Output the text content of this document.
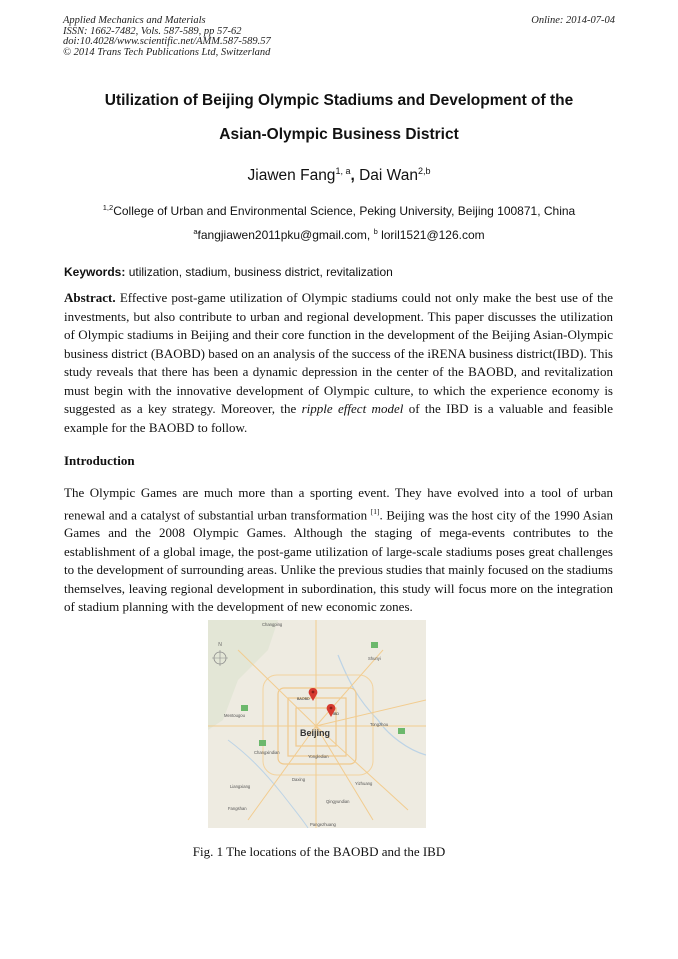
Applied Mechanics and Materials
ISSN: 1662-7482, Vols. 587-589, pp 57-62
doi:10.4028/www.scientific.net/AMM.587-589.57
© 2014 Trans Tech Publications Ltd, Switzerland
Online: 2014-07-04
Utilization of Beijing Olympic Stadiums and Development of the
Asian-Olympic Business District
Jiawen Fang$^{1, a}$, Dai Wan$^{2,b}$
$^{1,2}$College of Urban and Environmental Science, Peking University, Beijing 100871, China
$^a$fangjiawen2011pku@gmail.com, $^b$ loril1521@126.com
Keywords: utilization, stadium, business district, revitalization
Abstract. Effective post-game utilization of Olympic stadiums could not only make the best use of the investments, but also contribute to urban and regional development. This paper discusses the utilization of Olympic stadiums in Beijing and their core function in the development of the Beijing Asian-Olympic business district (BAOBD) based on an analysis of the success of the iRENA business district(IBD). This study reveals that there has been a dynamic depression in the center of the BAOBD, and revitalization must begin with the innovative development of Olympic culture, to which the experience economy is suggested as a key strategy. Moreover, the ripple effect model of the IBD is a valuable and feasible example for the BAOBD to follow.
Introduction
The Olympic Games are much more than a sporting event. They have evolved into a tool of urban renewal and a catalyst of substantial urban transformation [1]. Beijing was the host city of the 1990 Asian Games and the 2008 Olympic Games. Although the staging of mega-events contributes to the establishment of a global image, the post-game utilization of large-scale stadiums poses great challenges to the development of surrounding areas. Unlike the previous studies that mainly focused on the stadiums themselves, leaving regional development in subordination, this study will focus more on the integration of stadium planning with the development of new economic zones.
N
Changping
Shunyi
Mentougou
Changxindian
Daxing
Liangxiang
Tongzhou
Yizhuang
Qingyundian
Yongledian
Fangshan
Pangezhuang
Beijing
BAOBD
IBD
Fig. 1 The locations of the BAOBD and the IBD
